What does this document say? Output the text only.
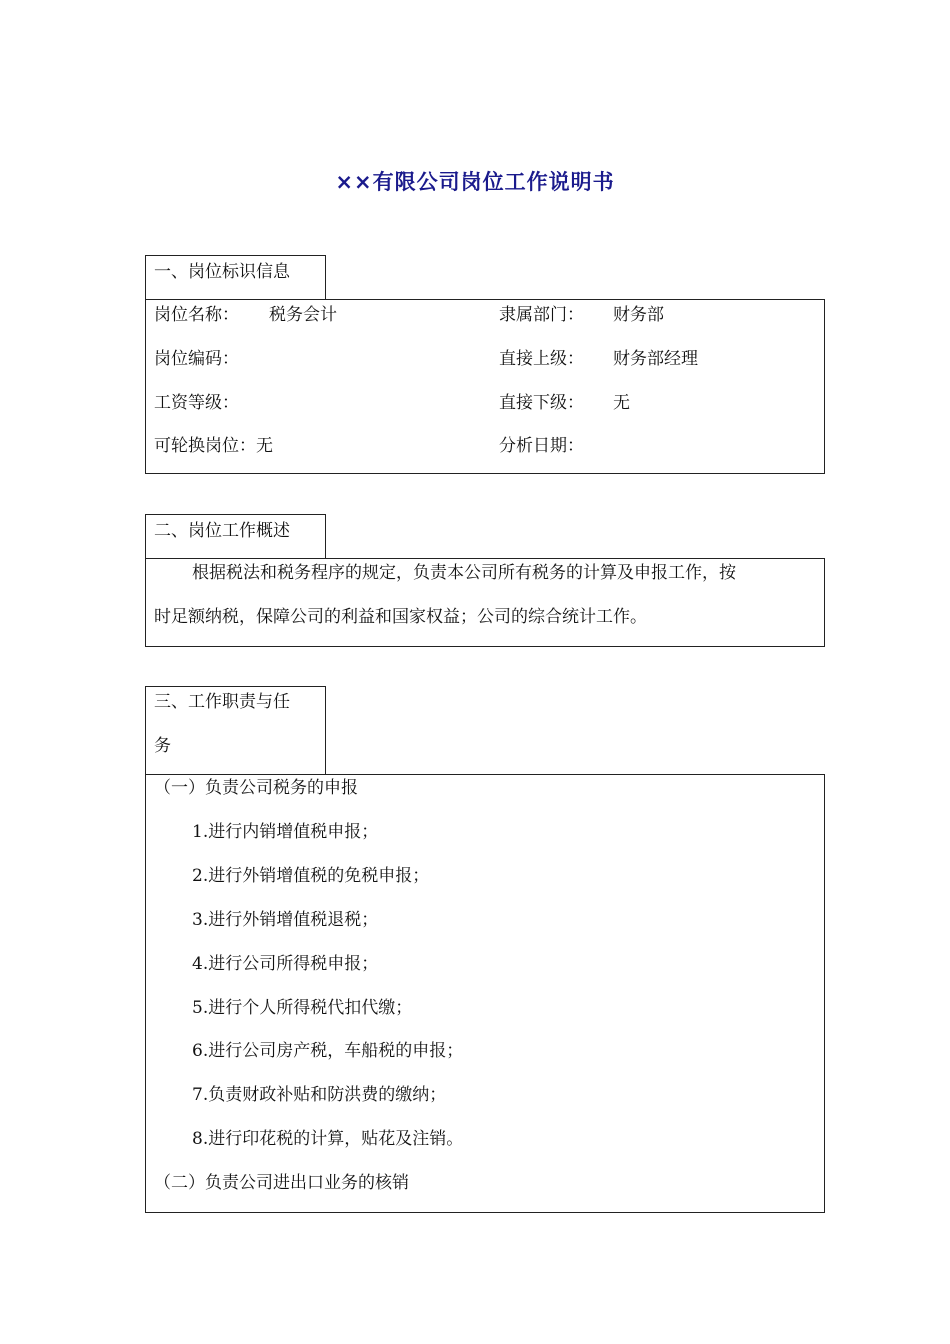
××有限公司岗位工作说明书
一、岗位标识信息
岗位名称： 税务会计	隶属部门： 财务部
岗位编码：	直接上级： 财务部经理
工资等级：	直接下级： 无
可轮换岗位： 无	分析日期：
二、岗位工作概述
根据税法和税务程序的规定，负责本公司所有税务的计算及申报工作，按
时足额纳税，保障公司的利益和国家权益；公司的综合统计工作。
三、工作职责与任
务
（一）负责公司税务的申报
1.进行内销增值税申报；
2.进行外销增值税的免税申报；
3.进行外销增值税退税；
4.进行公司所得税申报；
5.进行个人所得税代扣代缴；
6.进行公司房产税，车船税的申报；
7.负责财政补贴和防洪费的缴纳；
8.进行印花税的计算，贴花及注销。
（二）负责公司进出口业务的核销
